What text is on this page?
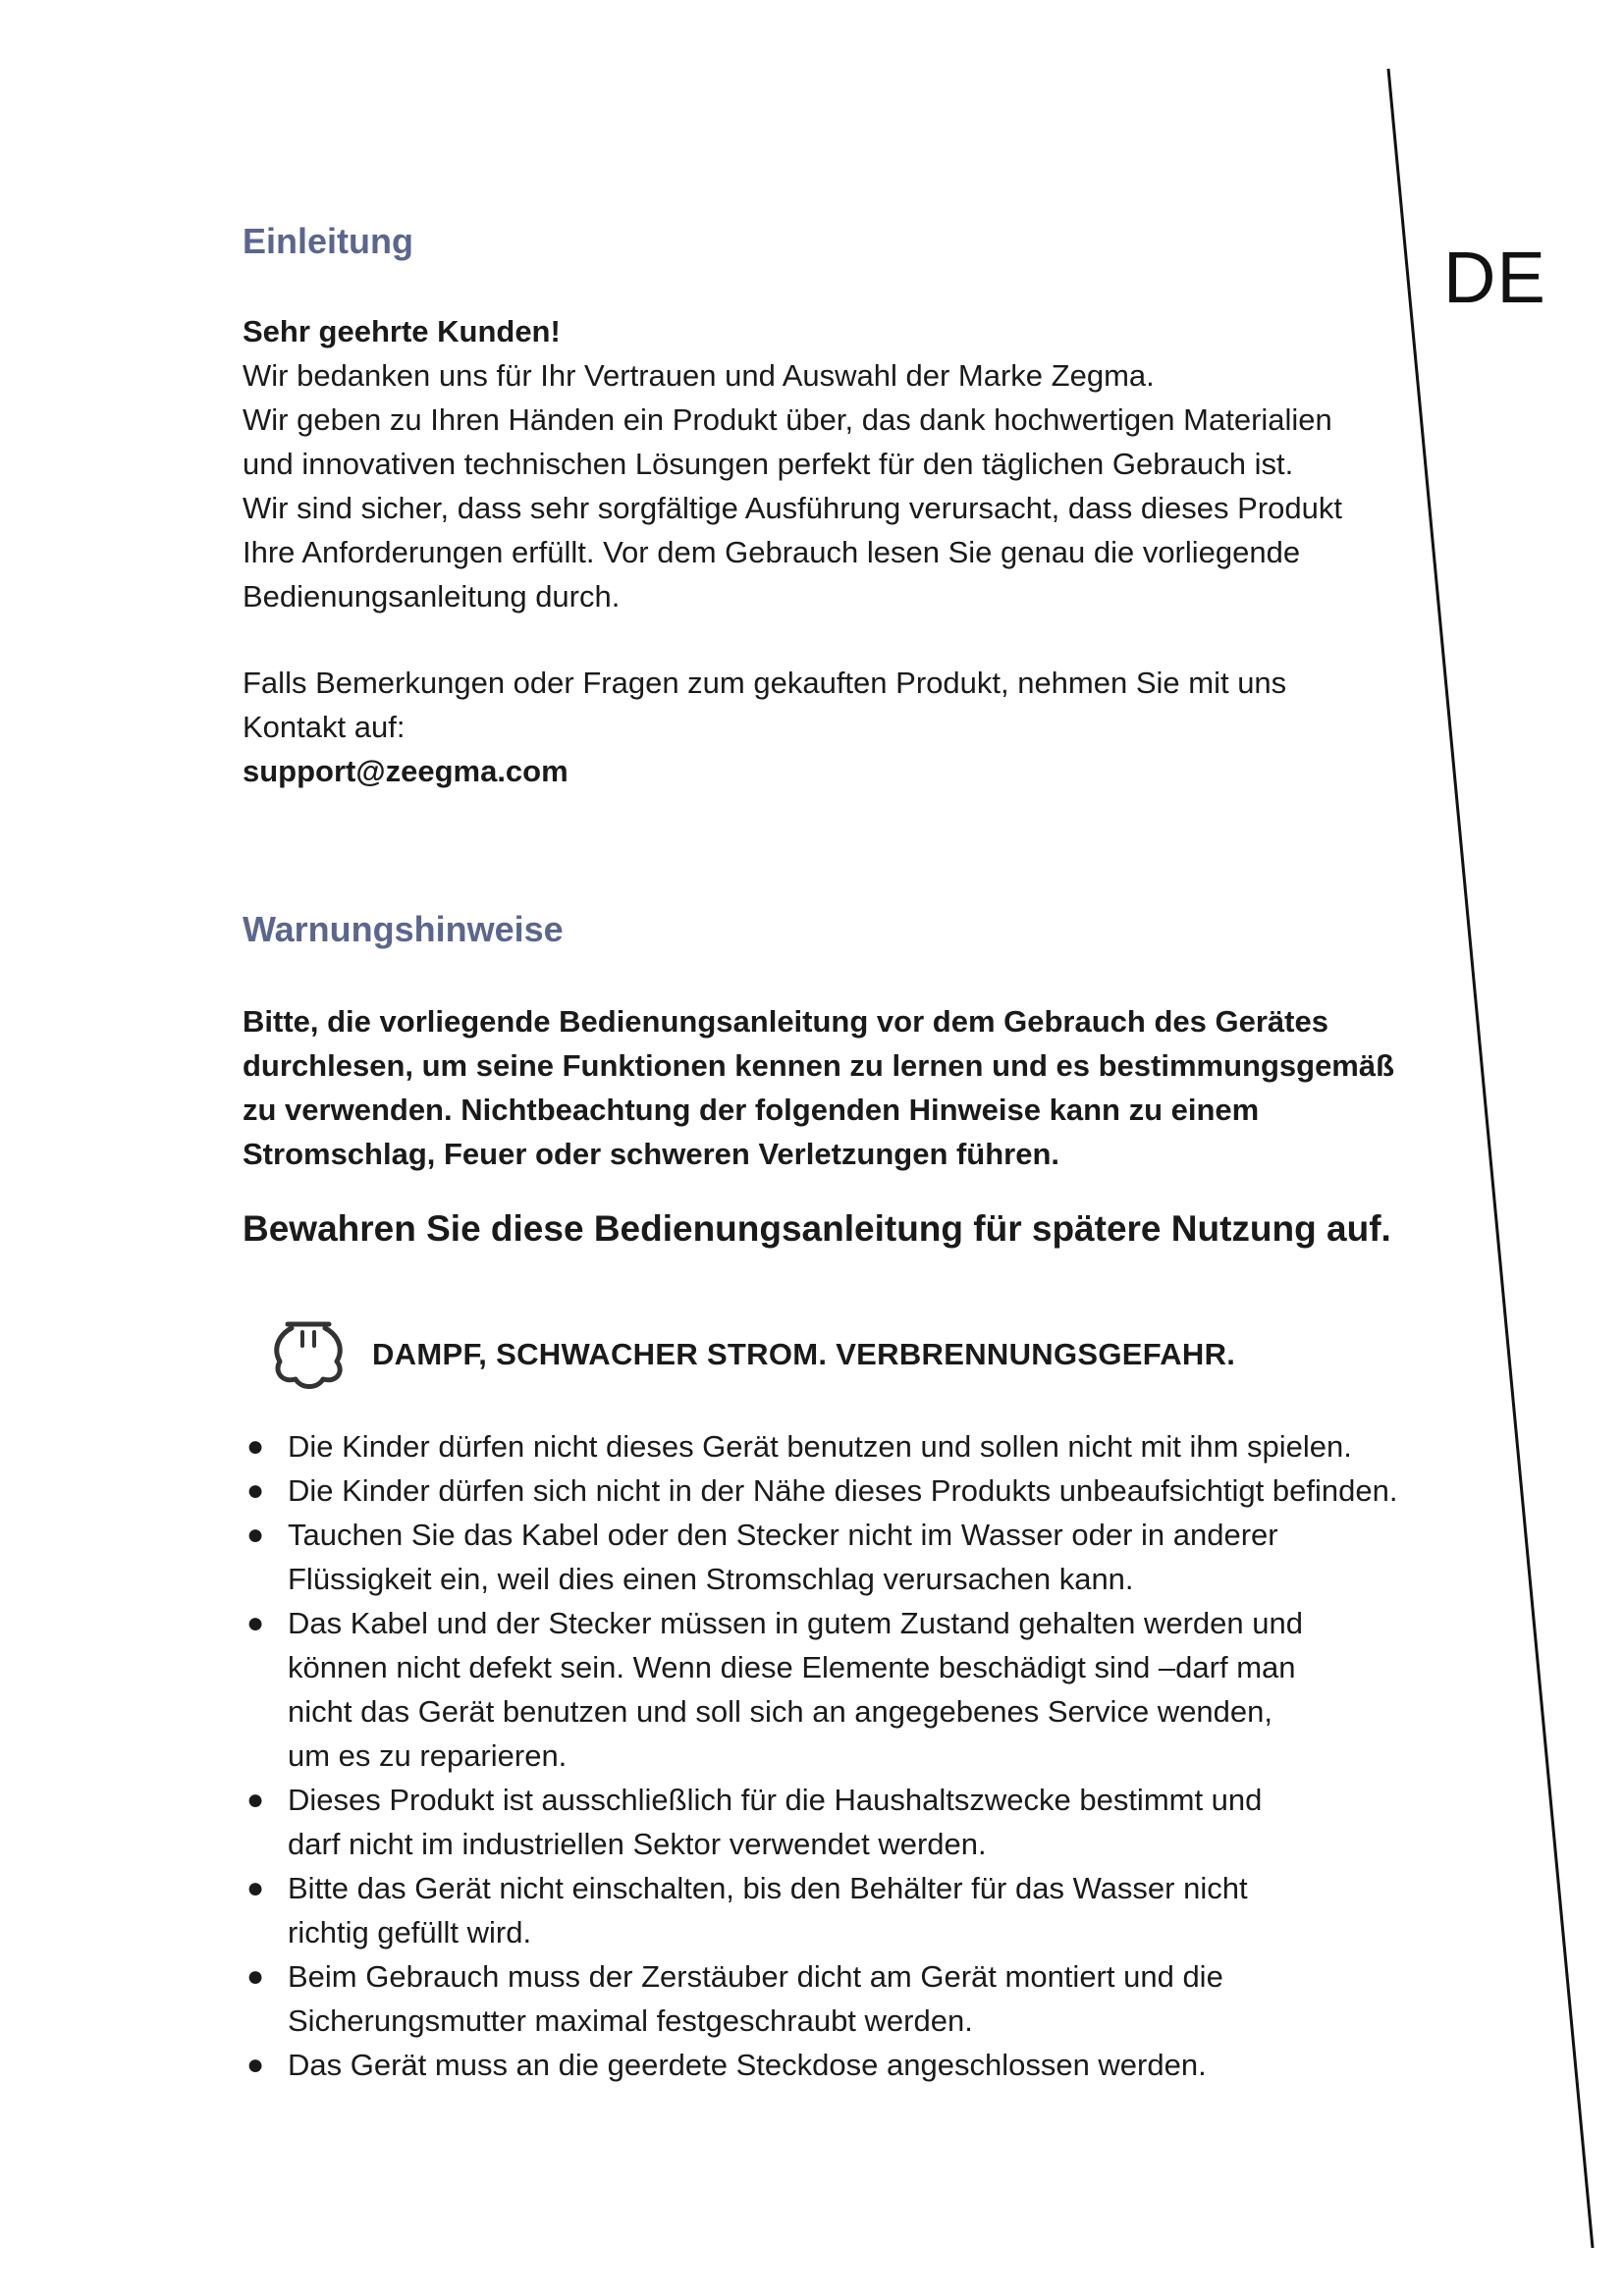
DE
Einleitung

Sehr geehrte Kunden!

Wir bedanken uns für Ihr Vertrauen und Auswahl der Marke Zegma.
Wir geben zu Ihren Händen ein Produkt über, das dank hochwertigen Materialien
und innovativen technischen Lösungen perfekt für den täglichen Gebrauch ist.
Wir sind sicher, dass sehr sorgfältige Ausführung verursacht, dass dieses Produkt
Ihre Anforderungen erfüllt. Vor dem Gebrauch lesen Sie genau die vorliegende
Bedienungsanleitung durch.
Falls Bemerkungen oder Fragen zum gekauften Produkt, nehmen Sie mit uns
Kontakt auf:

support@zeegma.com

Warnungshinweise
Bitte, die vorliegende Bedienungsanleitung vor dem Gebrauch des Gerätes
durchlesen, um seine Funktionen kennen zu lernen und es bestimmungsgemäß
zu verwenden. Nichtbeachtung der folgenden Hinweise kann zu einem
Stromschlag, Feuer oder schweren Verletzungen führen.

Bewahren Sie diese Bedienungsanleitung für spätere Nutzung auf.

DAMPF, SCHWACHER STROM. VERBRENNUNGSGEFAHR.
● Die Kinder dürfen nicht dieses Gerät benutzen und sollen nicht mit ihm spielen.
● Die Kinder dürfen sich nicht in der Nähe dieses Produkts unbeaufsichtigt befinden.
● Tauchen Sie das Kabel oder den Stecker nicht im Wasser oder in anderer
Flüssigkeit ein, weil dies einen Stromschlag verursachen kann.
● Das Kabel und der Stecker müssen in gutem Zustand gehalten werden und
können nicht defekt sein. Wenn diese Elemente beschädigt sind –darf man
nicht das Gerät benutzen und soll sich an angegebenes Service wenden,
um es zu reparieren.
● Dieses Produkt ist ausschließlich für die Haushaltszwecke bestimmt und
darf nicht im industriellen Sektor verwendet werden.
● Bitte das Gerät nicht einschalten, bis den Behälter für das Wasser nicht
richtig gefüllt wird.
● Beim Gebrauch muss der Zerstäuber dicht am Gerät montiert und die
Sicherungsmutter maximal festgeschraubt werden.
● Das Gerät muss an die geerdete Steckdose angeschlossen werden.
